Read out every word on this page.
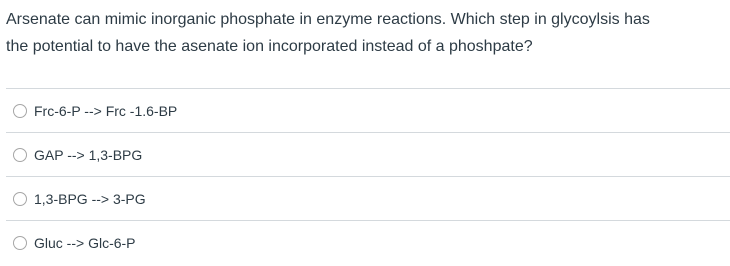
Arsenate can mimic inorganic phosphate in enzyme reactions. Which step in glycoylsis has
the potential to have the asenate ion incorporated instead of a phoshpate?

Frc-6-P --> Frc -1.6-BP
GAP --> 1,3-BPG
1,3-BPG --> 3-PG
Gluc --> Glc-6-P
